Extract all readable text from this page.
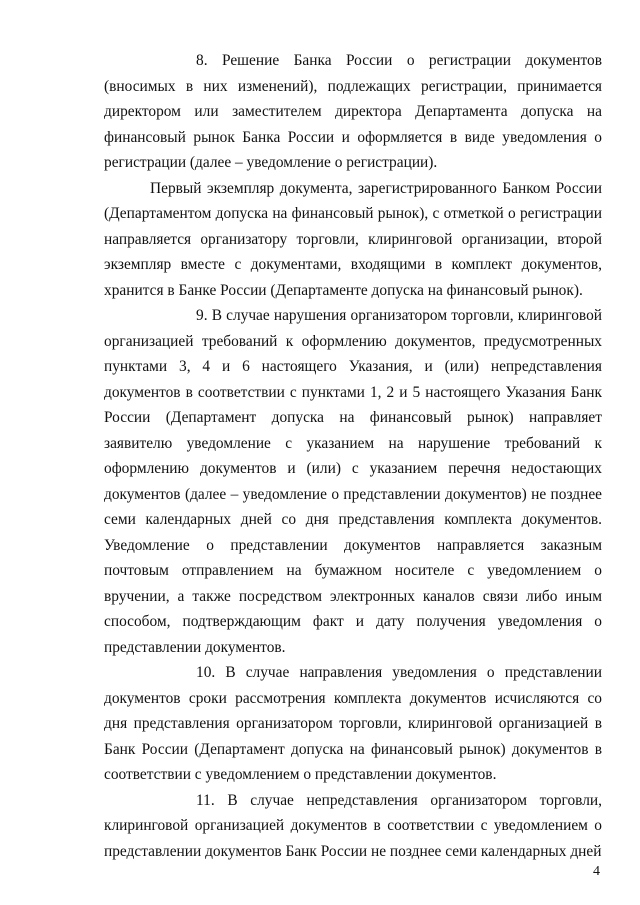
8. Решение Банка России о регистрации документов (вносимых в них изменений), подлежащих регистрации, принимается директором или заместителем директора Департамента допуска на финансовый рынок Банка России и оформляется в виде уведомления о регистрации (далее – уведомление о регистрации).

Первый экземпляр документа, зарегистрированного Банком России (Департаментом допуска на финансовый рынок), с отметкой о регистрации направляется организатору торговли, клиринговой организации, второй экземпляр вместе с документами, входящими в комплект документов, хранится в Банке России (Департаменте допуска на финансовый рынок).

9. В случае нарушения организатором торговли, клиринговой организацией требований к оформлению документов, предусмотренных пунктами 3, 4 и 6 настоящего Указания, и (или) непредставления документов в соответствии с пунктами 1, 2 и 5 настоящего Указания Банк России (Департамент допуска на финансовый рынок) направляет заявителю уведомление с указанием на нарушение требований к оформлению документов и (или) с указанием перечня недостающих документов (далее – уведомление о представлении документов) не позднее семи календарных дней со дня представления комплекта документов. Уведомление о представлении документов направляется заказным почтовым отправлением на бумажном носителе с уведомлением о вручении, а также посредством электронных каналов связи либо иным способом, подтверждающим факт и дату получения уведомления о представлении документов.

10. В случае направления уведомления о представлении документов сроки рассмотрения комплекта документов исчисляются со дня представления организатором торговли, клиринговой организацией в Банк России (Департамент допуска на финансовый рынок) документов в соответствии с уведомлением о представлении документов.

11. В случае непредставления организатором торговли, клиринговой организацией документов в соответствии с уведомлением о представлении документов Банк России не позднее семи календарных дней

4
